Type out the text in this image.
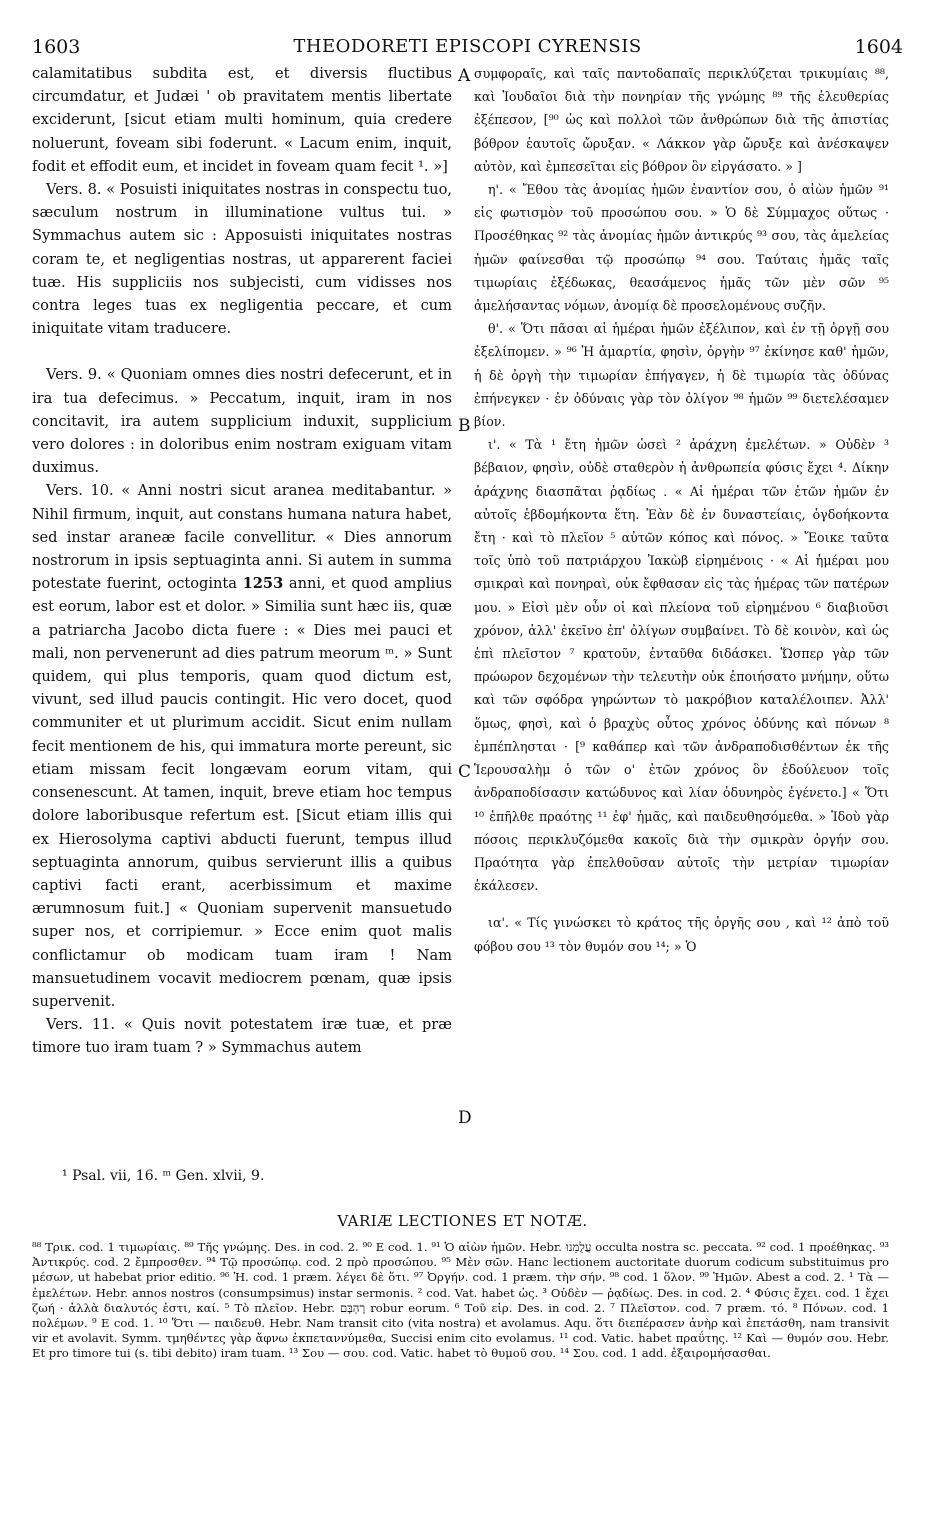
1603	THEODORETI EPISCOPI CYRENSIS	1604

calamitatibus subdita est, et diversis fluctibus circumdatur, et Judæi ' ob pravitatem mentis libertate exciderunt, [sicut etiam multi hominum, quia credere noluerunt, foveam sibi foderunt. « Lacum enim, inquit, fodit et effodit eum, et incidet in foveam quam fecit ¹. »]

Vers. 8. « Posuisti iniquitates nostras in conspectu tuo, sæculum nostrum in illuminatione vultus tui. » Symmachus autem sic : Apposuisti iniquitates nostras coram te, et negligentias nostras, ut apparerent faciei tuæ. His suppliciis nos subjecisti, cum vidisses nos contra leges tuas ex negligentia peccare, et cum iniquitate vitam traducere.

Vers. 9. « Quoniam omnes dies nostri defecerunt, et in ira tua defecimus. » Peccatum, inquit, iram in nos concitavit, ira autem supplicium induxit, supplicium vero dolores : in doloribus enim nostram exiguam vitam duximus.

Vers. 10. « Anni nostri sicut aranea meditabantur. » Nihil firmum, inquit, aut constans humana natura habet, sed instar araneæ facile convellitur. « Dies annorum nostrorum in ipsis septuaginta anni. Si autem in summa potestate fuerint, octoginta 1253 anni, et quod amplius est eorum, labor est et dolor. » Similia sunt hæc iis, quæ a patriarcha Jacobo dicta fuere : « Dies mei pauci et mali, non pervenerunt ad dies patrum meorum ᵐ. » Sunt quidem, qui plus temporis, quam quod dictum est, vivunt, sed illud paucis contingit. Hic vero docet, quod communiter et ut plurimum accidit. Sicut enim nullam fecit mentionem de his, qui immatura morte pereunt, sic etiam missam fecit longævam eorum vitam, qui consenescunt. At tamen, inquit, breve etiam hoc tempus dolore laboribusque refertum est. [Sicut etiam illis qui ex Hierosolyma captivi abducti fuerunt, tempus illud septuaginta annorum, quibus servierunt illis a quibus captivi facti erant, acerbissimum et maxime ærumnosum fuit.] « Quoniam supervenit mansuetudo super nos, et corripiemur. » Ecce enim quot malis conflictamur ob modicam tuam iram ! Nam mansuetudinem vocavit mediocrem pœnam, quæ ipsis supervenit.

Vers. 11. « Quis novit potestatem iræ tuæ, et præ timore tuo iram tuam ? » Symmachus autem

A
B
C
D

συμφοραῖς, καὶ ταῖς παντοδαπαῖς περικλύζεται τρικυμίαις ⁸⁸, καὶ Ἰουδαῖοι διὰ τὴν πονηρίαν τῆς γνώμης ⁸⁹ τῆς ἐλευθερίας ἐξέπεσον, [⁹⁰ ὡς καὶ πολλοὶ τῶν ἀνθρώπων διὰ τῆς ἀπιστίας βόθρον ἑαυτοῖς ὤρυξαν. « Λάκκον γὰρ ὤρυξε καὶ ἀνέσκαψεν αὐτὸν, καὶ ἐμπεσεῖται εἰς βόθρον ὃν εἰργάσατο. » ]

η'. « Ἔθου τὰς ἀνομίας ἡμῶν ἐναντίον σου, ὁ αἰὼν ἡμῶν ⁹¹ εἰς φωτισμὸν τοῦ προσώπου σου. » Ὁ δὲ Σύμμαχος οὕτως · Προσέθηκας ⁹² τὰς ἀνομίας ἡμῶν ἀντικρύς ⁹³ σου, τὰς ἀμελείας ἡμῶν φαίνεσθαι τῷ προσώπῳ ⁹⁴ σου. Ταύταις ἡμᾶς ταῖς τιμωρίαις ἐξέδωκας, θεασάμενος ἡμᾶς τῶν μὲν σῶν ⁹⁵ ἀμελήσαντας νόμων, ἀνομίᾳ δὲ προσελομένους συζῆν.

θ'. « Ὅτι πᾶσαι αἱ ἡμέραι ἡμῶν ἐξέλιπον, καὶ ἐν τῇ ὀργῇ σου ἐξελίπομεν. » ⁹⁶ Ἡ ἁμαρτία, φησὶν, ὀργὴν ⁹⁷ ἐκίνησε καθ' ἡμῶν, ἡ δὲ ὀργὴ τὴν τιμωρίαν ἐπήγαγεν, ἡ δὲ τιμωρία τὰς ὀδύνας ἐπήνεγκεν · ἐν ὀδύναις γὰρ τὸν ὀλίγον ⁹⁸ ἡμῶν ⁹⁹ διετελέσαμεν βίον.

ι'. « Τὰ ¹ ἔτη ἡμῶν ὡσεὶ ² ἀράχνη ἐμελέτων. » Οὐδὲν ³ βέβαιον, φησὶν, οὐδὲ σταθερὸν ἡ ἀνθρωπεία φύσις ἔχει ⁴. Δίκην ἀράχνης διασπᾶται ῥᾳδίως . « Αἱ ἡμέραι τῶν ἐτῶν ἡμῶν ἐν αὐτοῖς ἑβδομήκοντα ἔτη. Ἐὰν δὲ ἐν δυναστείαις, ὀγδοήκοντα ἔτη · καὶ τὸ πλεῖον ⁵ αὐτῶν κόπος καὶ πόνος. » Ἔοικε ταῦτα τοῖς ὑπὸ τοῦ πατριάρχου Ἰακὼβ εἰρημένοις · « Αἱ ἡμέραι μου σμικραὶ καὶ πονηραὶ, οὐκ ἔφθασαν εἰς τὰς ἡμέρας τῶν πατέρων μου. » Εἰσὶ μὲν οὖν οἱ καὶ πλείονα τοῦ εἰρημένου ⁶ διαβιοῦσι χρόνον, ἀλλ' ἐκεῖνο ἐπ' ὀλίγων συμβαίνει. Τὸ δὲ κοινὸν, καὶ ὡς ἐπὶ πλεῖστον ⁷ κρατοῦν, ἐνταῦθα διδάσκει. Ὥσπερ γὰρ τῶν πρώωρον δεχομένων τὴν τελευτὴν οὐκ ἐποιήσατο μνήμην, οὕτω καὶ τῶν σφόδρα γηρώντων τὸ μακρόβιον καταλέλοιπεν. Ἀλλ' ὅμως, φησὶ, καὶ ὁ βραχὺς οὗτος χρόνος ὀδύνης καὶ πόνων ⁸ ἐμπέπλησται · [⁹ καθάπερ καὶ τῶν ἀνδραποδισθέντων ἐκ τῆς Ἱερουσαλὴμ ὁ τῶν ο' ἐτῶν χρόνος ὃν ἐδούλευον τοῖς ἀνδραποδίσασιν κατώδυνος καὶ λίαν ὀδυνηρὸς ἐγένετο.] « Ὅτι ¹⁰ ἐπῆλθε πραότης ¹¹ ἐφ' ἡμᾶς, καὶ παιδευθησόμεθα. » Ἰδοὺ γὰρ πόσοις περικλυζόμεθα κακοῖς διὰ τὴν σμικρὰν ὀργήν σου. Πραότητα γὰρ ἐπελθοῦσαν αὐτοῖς τὴν μετρίαν τιμωρίαν ἐκάλεσεν.

ια'. « Τίς γινώσκει τὸ κράτος τῆς ὀργῆς σου , καὶ ¹² ἀπὸ τοῦ φόβου σου ¹³ τὸν θυμόν σου ¹⁴; » Ὁ

¹ Psal. vii, 16. ᵐ Gen. xlvii, 9.
VARIÆ LECTIONES ET NOTÆ.

⁸⁸ Τρικ. cod. 1 τιμωρίαις. ⁸⁹ Τῆς γνώμης. Des. in cod. 2. ⁹⁰ E cod. 1. ⁹¹ Ὁ αἰὼν ἡμῶν. Hebr. עֲלֻמֵנוּ occulta nostra sc. peccata. ⁹² cod. 1 προέθηκας. ⁹³ Ἀντικρύς. cod. 2 ἔμπροσθεν. ⁹⁴ Τῷ προσώπῳ. cod. 2 πρὸ προσώπου. ⁹⁵ Μὲν σῶν. Hanc lectionem auctoritate duorum codicum substituimus pro μέσων, ut habebat prior editio. ⁹⁶ Ἡ. cod. 1 præm. λέγει δὲ ὅτι. ⁹⁷ Ὀργήν. cod. 1 præm. τὴν σήν. ⁹⁸ cod. 1 ὅλον. ⁹⁹ Ἡμῶν. Abest a cod. 2. ¹ Τὰ — ἐμελέτων. Hebr. annos nostros (consumpsimus) instar sermonis. ² cod. Vat. habet ὡς. ³ Οὐδὲν — ῥᾳδίως. Des. in cod. 2. ⁴ Φύσις ἔχει. cod. 1 ἔχει ζωή · ἀλλὰ διαλυτός ἐστι, καί. ⁵ Τὸ πλεῖον. Hebr. רָהְבָּם robur eorum. ⁶ Τοῦ εἰρ. Des. in cod. 2. ⁷ Πλεῖστον. cod. 7 præm. τό. ⁸ Πόνων. cod. 1 πολέμων. ⁹ E cod. 1. ¹⁰ Ὅτι — παιδευθ. Hebr. Nam transit cito (vita nostra) et avolamus. Aqu. ὅτι διεπέρασεν ἀνὴρ καὶ ἐπετάσθη, nam transivit vir et avolavit. Symm. τμηθέντες γὰρ ἄφνω ἐκπεταννύμεθα, Succisi enim cito evolamus. ¹¹ cod. Vatic. habet πραΰτης. ¹² Καὶ — θυμόν σου. Hebr. Et pro timore tui (s. tibi debito) iram tuam. ¹³ Σου — σου. cod. Vatic. habet τὸ θυμοῦ σου. ¹⁴ Σου. cod. 1 add. ἐξαιρομήσασθαι.
